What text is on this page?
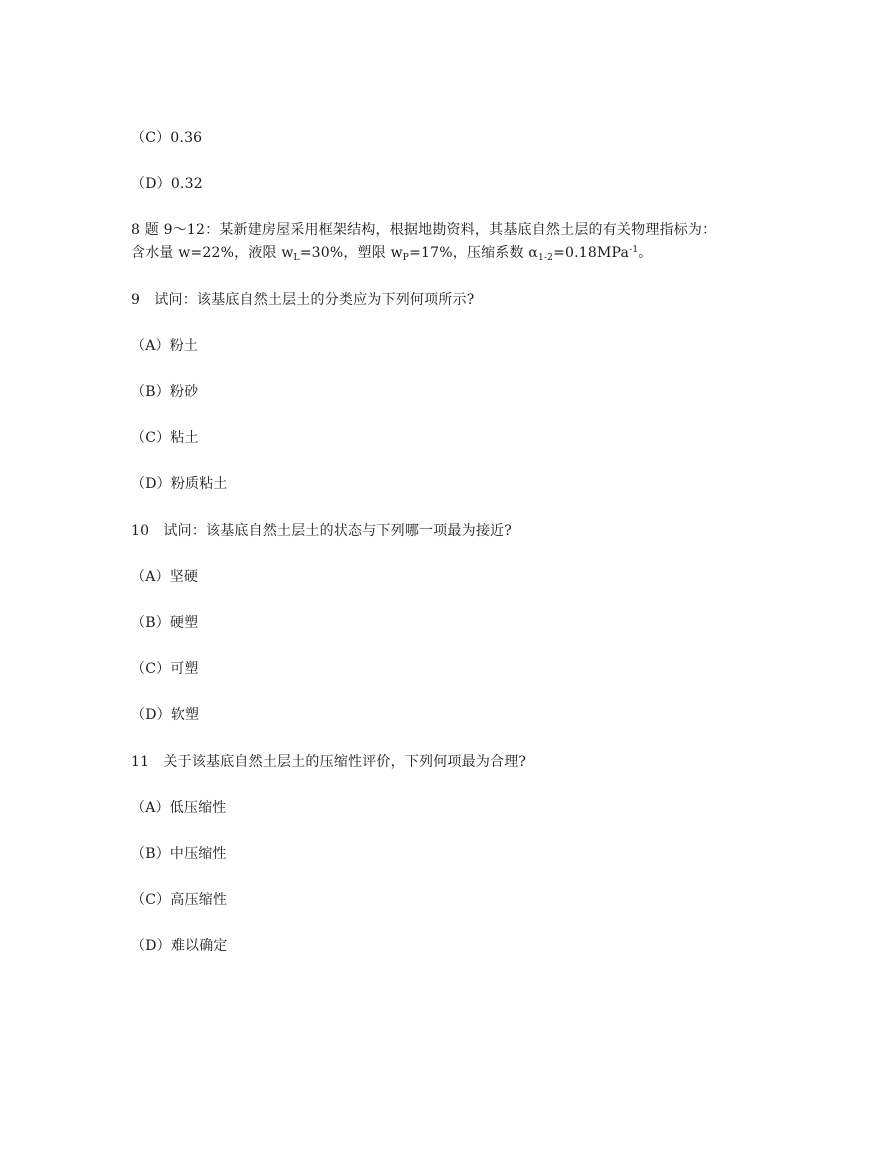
（C）0.36
（D）0.32
8 题 9～12：某新建房屋采用框架结构，根据地勘资料，其基底自然土层的有关物理指标为：
含水量 w=22%，液限 $w_L=30\%$，塑限 $w_P=17\%$，压缩系数 $\alpha_{1-2}=0.18MPa^{-1}$。
9　试问：该基底自然土层土的分类应为下列何项所示?
（A）粉土
（B）粉砂
（C）粘土
（D）粉质粘土
10　试问：该基底自然土层土的状态与下列哪一项最为接近?
（A）坚硬
（B）硬塑
（C）可塑
（D）软塑
11　关于该基底自然土层土的压缩性评价，下列何项最为合理?
（A）低压缩性
（B）中压缩性
（C）高压缩性
（D）难以确定
